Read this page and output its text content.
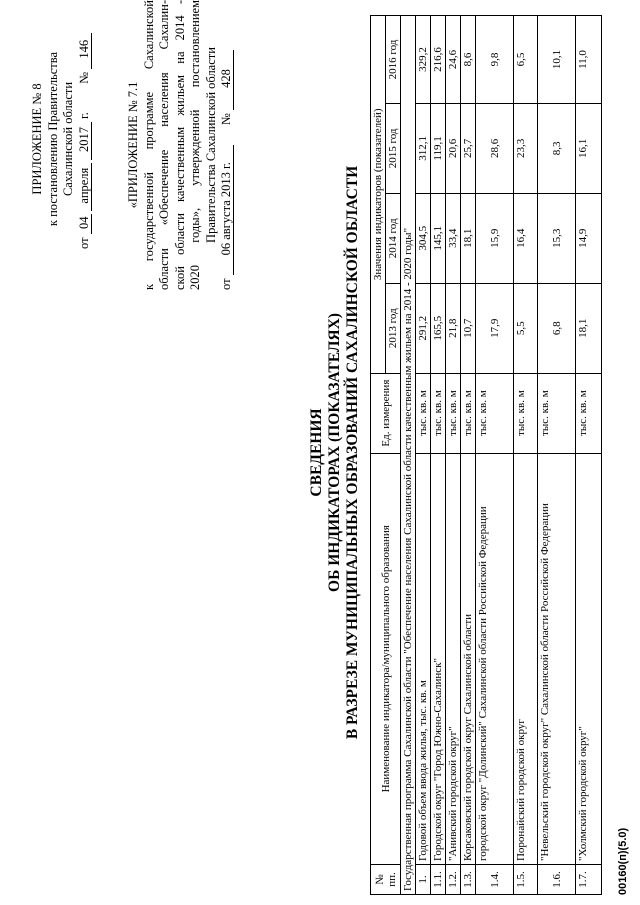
ПРИЛОЖЕНИЕ № 8 к постановлению Правительства Сахалинской области
от 04 апреля 2017 г.  № 146
«ПРИЛОЖЕНИЕ № 7.1 к государственной программе Сахалинской области «Обеспечение населения Сахалин- ской области качественным жильем на 2014 - 2020 годы», утвержденной постановлением Правительства Сахалинской области
от 06 августа 2013 г.  № 428
СВЕДЕНИЯ ОБ ИНДИКАТОРАХ (ПОКАЗАТЕЛЯХ) В РАЗРЕЗЕ МУНИЦИПАЛЬНЫХ ОБРАЗОВАНИЙ САХАЛИНСКОЙ ОБЛАСТИ
№ пп.	Наименование индикатора/муниципального образования	Ед. измерения	Значения индикаторов (показателей)			
			2013 год	2014 год	2015 год	2016 год
Государственная программа Сахалинской области "Обеспечение населения Сахалинской области качественным жильем на 2014 - 2020 годы"						
1.	Годовой объем ввода жилья, тыс. кв. м	тыс. кв. м	291,2	304,5	312,1	329,2
1.1.	Городской округ "Город Южно-Сахалинск"	тыс. кв. м	165,5	145,1	119,1	216,6
1.2.	"Анивский городской округ"	тыс. кв. м	21,8	33,4	20,6	24,6
1.3.	Корсаковский городской округ Сахалинской области	тыс. кв. м	10,7	18,1	25,7	8,6
1.4.	городской округ "Долинский" Сахалинской области Российской Федерации	тыс. кв. м	17,9	15,9	28,6	9,8
1.5.	Поронайский городской округ	тыс. кв. м	5,5	16,4	23,3	6,5
1.6.	"Невельский городской округ" Сахалинской области Российской Федерации	тыс. кв. м	6,8	15,3	8,3	10,1
1.7.	"Холмский городской округ"	тыс. кв. м	18,1	14,9	16,1	11,0
00160(п)(5.0)
